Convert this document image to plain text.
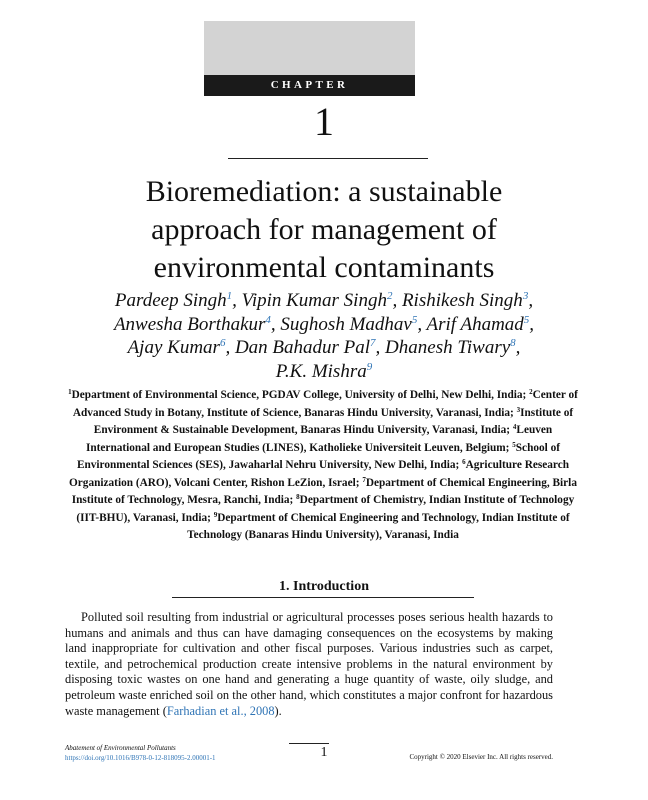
CHAPTER
1
Bioremediation: a sustainable
approach for management of
environmental contaminants
Pardeep Singh$^1$, Vipin Kumar Singh$^2$, Rishikesh Singh$^3$,
Anwesha Borthakur$^4$, Sughosh Madhav$^5$, Arif Ahamad$^5$,
Ajay Kumar$^6$, Dan Bahadur Pal$^7$, Dhanesh Tiwary$^8$,
P.K. Mishra$^9$
$^1$Department of Environmental Science, PGDAV College, University of Delhi, New Delhi, India; $^2$Center of Advanced Study in Botany, Institute of Science, Banaras Hindu University, Varanasi, India; $^3$Institute of Environment & Sustainable Development, Banaras Hindu University, Varanasi, India; $^4$Leuven International and European Studies (LINES), Katholieke Universiteit Leuven, Belgium; $^5$School of Environmental Sciences (SES), Jawaharlal Nehru University, New Delhi, India; $^6$Agriculture Research Organization (ARO), Volcani Center, Rishon LeZion, Israel; $^7$Department of Chemical Engineering, Birla Institute of Technology, Mesra, Ranchi, India; $^8$Department of Chemistry, Indian Institute of Technology (IIT-BHU), Varanasi, India; $^9$Department of Chemical Engineering and Technology, Indian Institute of Technology (Banaras Hindu University), Varanasi, India
1. Introduction
Polluted soil resulting from industrial or agricultural processes poses serious health hazards to humans and animals and thus can have damaging consequences on the ecosystems by making land inappropriate for cultivation and other fiscal purposes. Various industries such as carpet, textile, and petrochemical production create intensive problems in the natural environment by disposing toxic wastes on one hand and generating a huge quantity of waste, oily sludge, and petroleum waste enriched soil on the other hand, which constitutes a major confront for hazardous waste management (Farhadian et al., 2008).
Abatement of Environmental Pollutants
https://doi.org/10.1016/B978-0-12-818095-2.00001-1	1	Copyright © 2020 Elsevier Inc. All rights reserved.
